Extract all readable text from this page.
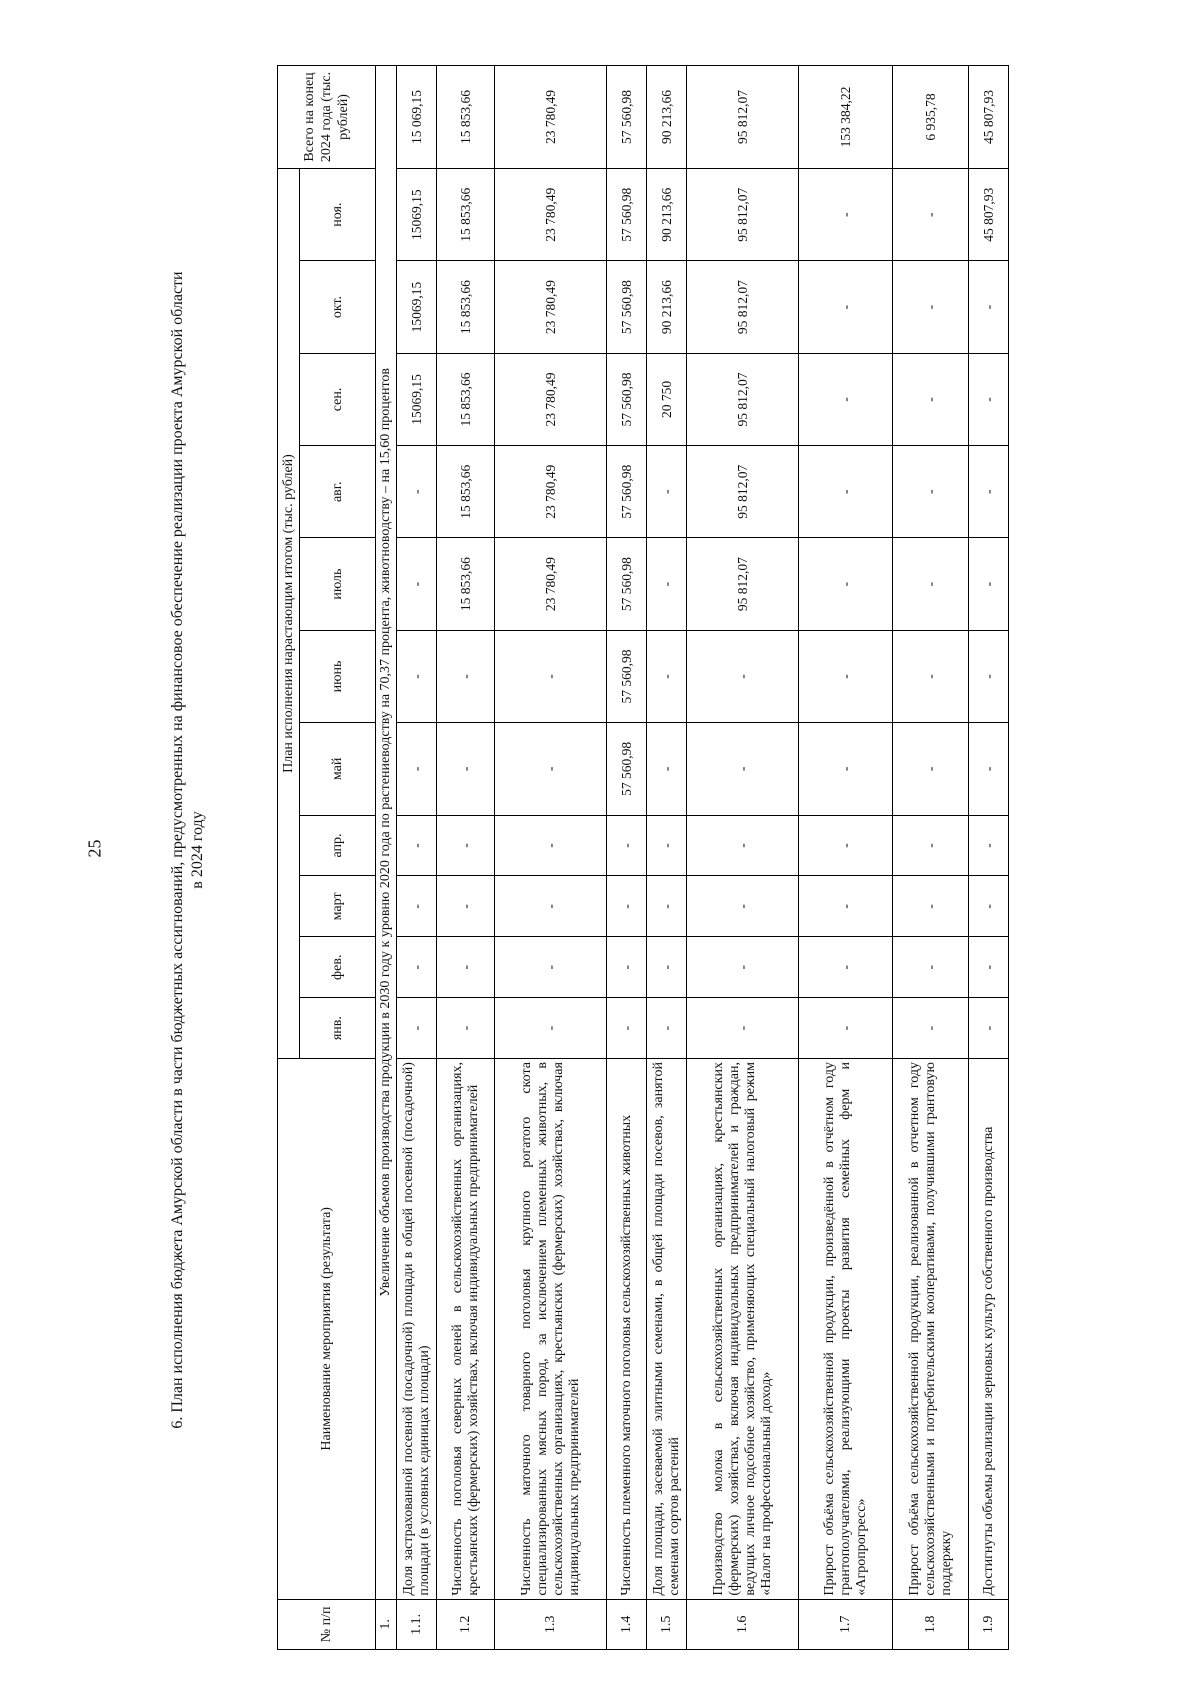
25	6. План исполнения бюджета Амурской области в части бюджетных ассигнований, предусмотренных на финансовое обеспечение реализации проекта Амурской области в 2024 году
№ п/п	Наименование мероприятия (результата)	План исполнения нарастающим итогом (тыс. рублей)											Всего на конец 2024 года (тыс. рублей)
		янв.	фев.	март	апр.	май	июнь	июль	авг.	сен.	окт.	ноя.	
1.	Увеличение объемов производства продукции в 2030 году к уровню 2020 года по растениеводству на 70,37 процента, животноводству – на 15,60 процентов												
1.1.	Доля застрахованной посевной (посадочной) площади в общей посевной (посадочной) площади (в условных единицах площади)	-	-	-	-	-	-	-	-	15069,15	15069,15	15069,15	15 069,15
1.2	Численность поголовья северных оленей в сельскохозяйственных организациях, крестьянских (фермерских) хозяйствах, включая индивидуальных предпринимателей	-	-	-	-	-	-	15 853,66	15 853,66	15 853,66	15 853,66	15 853,66	15 853,66
1.3	Численность маточного товарного поголовья крупного рогатого скота специализированных мясных пород, за исключением племенных животных, в сельскохозяйственных организациях, крестьянских (фермерских) хозяйствах, включая индивидуальных предпринимателей	-	-	-	-	-	-	23 780,49	23 780,49	23 780,49	23 780,49	23 780,49	23 780,49
1.4	Численность племенного маточного поголовья сельскохозяйственных животных	-	-	-	-	57 560,98	57 560,98	57 560,98	57 560,98	57 560,98	57 560,98	57 560,98	57 560,98
1.5	Доля площади, засеваемой элитными семенами, в общей площади посевов, занятой семенами сортов растений	-	-	-	-	-	-	-	-	20 750	90 213,66	90 213,66	90 213,66
1.6	Производство молока в сельскохозяйственных организациях, крестьянских (фермерских) хозяйствах, включая индивидуальных предпринимателей и граждан, ведущих личное подсобное хозяйство, применяющих специальный налоговый режим «Налог на профессиональный доход»	-	-	-	-	-	-	95 812,07	95 812,07	95 812,07	95 812,07	95 812,07	95 812,07
1.7	Прирост объёма сельскохозяйственной продукции, произведённой в отчётном году грантополучателями, реализующими проекты развития семейных ферм и «Агропрогресс»	-	-	-	-	-	-	-	-	-	-	-	153 384,22
1.8	Прирост объёма сельскохозяйственной продукции, реализованной в отчетном году сельскохозяйственными и потребительскими кооперативами, получившими грантовую поддержку	-	-	-	-	-	-	-	-	-	-	-	6 935,78
1.9	Достигнуты объемы реализации зерновых культур собственного производства	-	-	-	-	-	-	-	-	-	-	45 807,93	45 807,93
